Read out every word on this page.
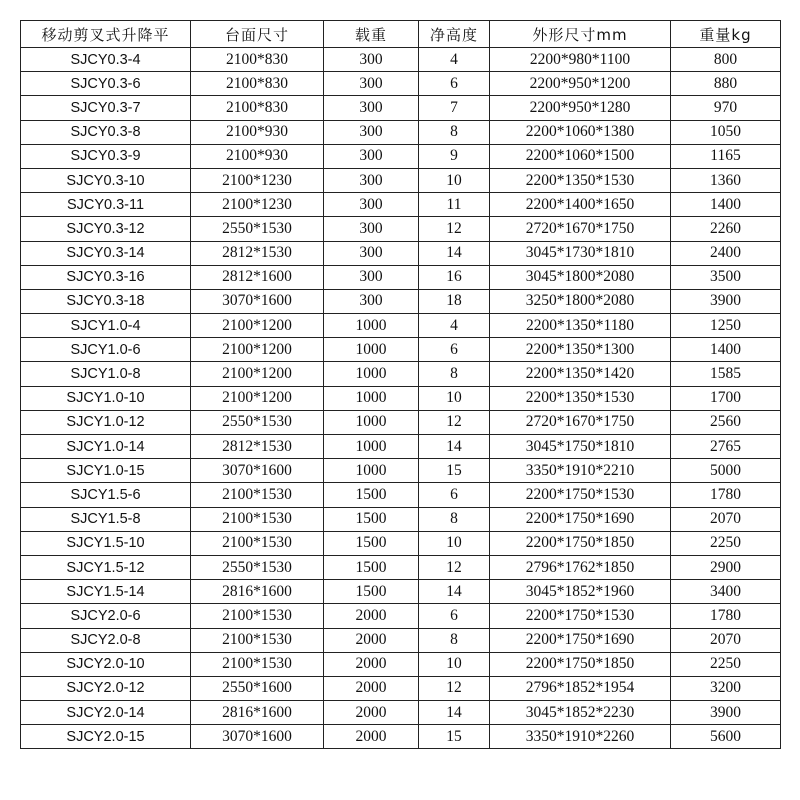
移动剪叉式升降平	台面尺寸	载重	净高度	外形尺寸mm	重量kg
SJCY0.3-4	2100*830	300	4	2200*980*1100	800
SJCY0.3-6	2100*830	300	6	2200*950*1200	880
SJCY0.3-7	2100*830	300	7	2200*950*1280	970
SJCY0.3-8	2100*930	300	8	2200*1060*1380	1050
SJCY0.3-9	2100*930	300	9	2200*1060*1500	1165
SJCY0.3-10	2100*1230	300	10	2200*1350*1530	1360
SJCY0.3-11	2100*1230	300	11	2200*1400*1650	1400
SJCY0.3-12	2550*1530	300	12	2720*1670*1750	2260
SJCY0.3-14	2812*1530	300	14	3045*1730*1810	2400
SJCY0.3-16	2812*1600	300	16	3045*1800*2080	3500
SJCY0.3-18	3070*1600	300	18	3250*1800*2080	3900
SJCY1.0-4	2100*1200	1000	4	2200*1350*1180	1250
SJCY1.0-6	2100*1200	1000	6	2200*1350*1300	1400
SJCY1.0-8	2100*1200	1000	8	2200*1350*1420	1585
SJCY1.0-10	2100*1200	1000	10	2200*1350*1530	1700
SJCY1.0-12	2550*1530	1000	12	2720*1670*1750	2560
SJCY1.0-14	2812*1530	1000	14	3045*1750*1810	2765
SJCY1.0-15	3070*1600	1000	15	3350*1910*2210	5000
SJCY1.5-6	2100*1530	1500	6	2200*1750*1530	1780
SJCY1.5-8	2100*1530	1500	8	2200*1750*1690	2070
SJCY1.5-10	2100*1530	1500	10	2200*1750*1850	2250
SJCY1.5-12	2550*1530	1500	12	2796*1762*1850	2900
SJCY1.5-14	2816*1600	1500	14	3045*1852*1960	3400
SJCY2.0-6	2100*1530	2000	6	2200*1750*1530	1780
SJCY2.0-8	2100*1530	2000	8	2200*1750*1690	2070
SJCY2.0-10	2100*1530	2000	10	2200*1750*1850	2250
SJCY2.0-12	2550*1600	2000	12	2796*1852*1954	3200
SJCY2.0-14	2816*1600	2000	14	3045*1852*2230	3900
SJCY2.0-15	3070*1600	2000	15	3350*1910*2260	5600
